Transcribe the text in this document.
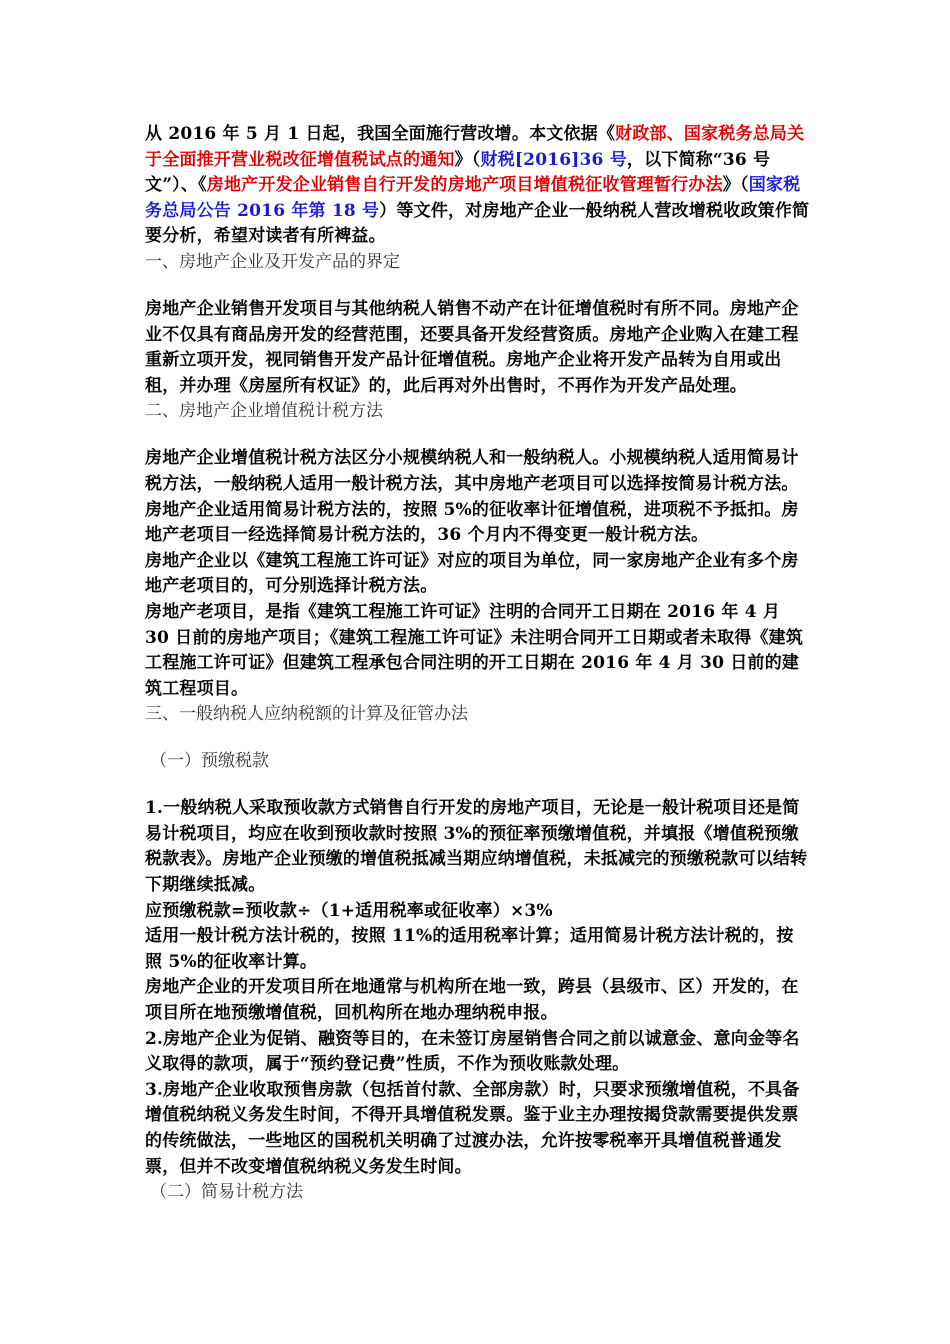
从 2016 年 5 月 1 日起，我国全面施行营改增。本文依据《财政部、国家税务总局关于全面推开营业税改征增值税试点的通知》（财税[2016]36 号，以下简称“36 号文”）、《房地产开发企业销售自行开发的房地产项目增值税征收管理暂行办法》（国家税务总局公告 2016 年第 18 号）等文件，对房地产企业一般纳税人营改增税收政策作简要分析，希望对读者有所裨益。

一、房地产企业及开发产品的界定

房地产企业销售开发项目与其他纳税人销售不动产在计征增值税时有所不同。房地产企业不仅具有商品房开发的经营范围，还要具备开发经营资质。房地产企业购入在建工程重新立项开发，视同销售开发产品计征增值税。房地产企业将开发产品转为自用或出租，并办理《房屋所有权证》的，此后再对外出售时，不再作为开发产品处理。

二、房地产企业增值税计税方法

房地产企业增值税计税方法区分小规模纳税人和一般纳税人。小规模纳税人适用简易计税方法，一般纳税人适用一般计税方法，其中房地产老项目可以选择按简易计税方法。房地产企业适用简易计税方法的，按照 5%的征收率计征增值税，进项税不予抵扣。房地产老项目一经选择简易计税方法的，36 个月内不得变更一般计税方法。

房地产企业以《建筑工程施工许可证》对应的项目为单位，同一家房地产企业有多个房地产老项目的，可分别选择计税方法。

房地产老项目，是指《建筑工程施工许可证》注明的合同开工日期在 2016 年 4 月 30 日前的房地产项目；《建筑工程施工许可证》未注明合同开工日期或者未取得《建筑工程施工许可证》但建筑工程承包合同注明的开工日期在 2016 年 4 月 30 日前的建筑工程项目。

三、一般纳税人应纳税额的计算及征管办法

（一）预缴税款

1.一般纳税人采取预收款方式销售自行开发的房地产项目，无论是一般计税项目还是简易计税项目，均应在收到预收款时按照 3%的预征率预缴增值税，并填报《增值税预缴税款表》。房地产企业预缴的增值税抵减当期应纳增值税，未抵减完的预缴税款可以结转下期继续抵减。

应预缴税款=预收款÷（1+适用税率或征收率）×3%

适用一般计税方法计税的，按照 11%的适用税率计算；适用简易计税方法计税的，按照 5%的征收率计算。

房地产企业的开发项目所在地通常与机构所在地一致，跨县（县级市、区）开发的，在项目所在地预缴增值税，回机构所在地办理纳税申报。

2.房地产企业为促销、融资等目的，在未签订房屋销售合同之前以诚意金、意向金等名义取得的款项，属于“预约登记费”性质，不作为预收账款处理。

3.房地产企业收取预售房款（包括首付款、全部房款）时，只要求预缴增值税，不具备增值税纳税义务发生时间，不得开具增值税发票。鉴于业主办理按揭贷款需要提供发票的传统做法，一些地区的国税机关明确了过渡办法，允许按零税率开具增值税普通发票，但并不改变增值税纳税义务发生时间。

（二）简易计税方法
